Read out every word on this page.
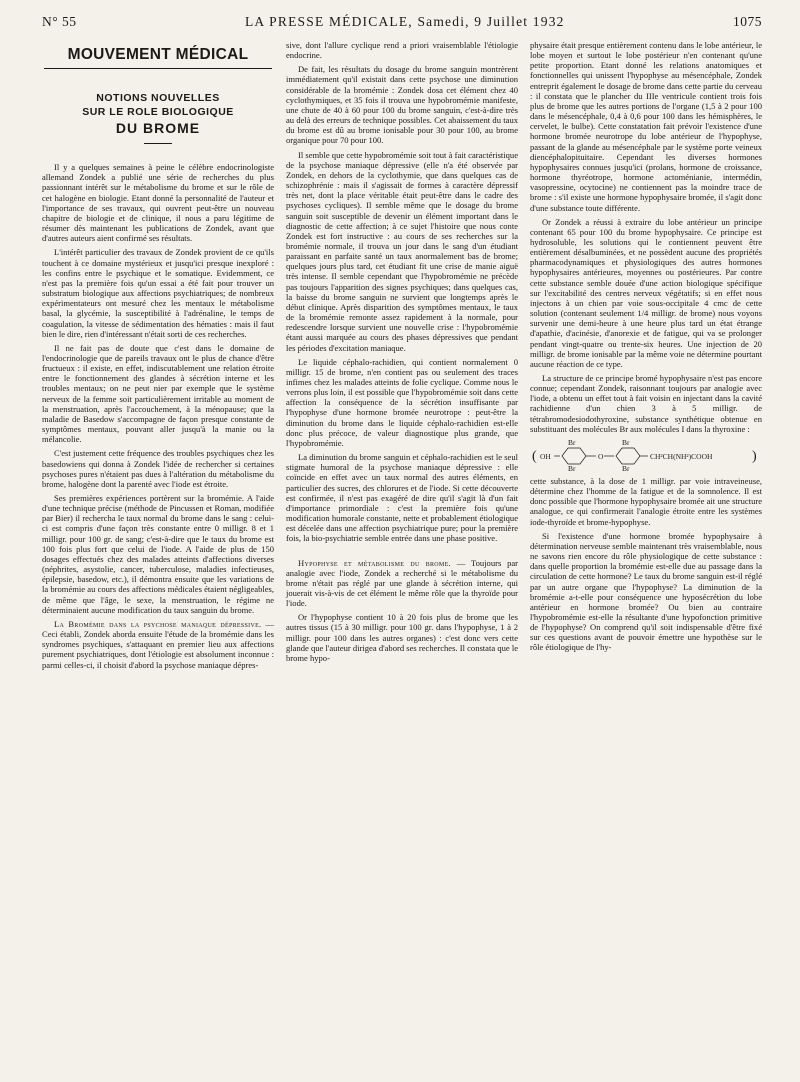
N° 55	LA PRESSE MÉDICALE, Samedi, 9 Juillet 1932	1075
MOUVEMENT MÉDICAL
NOTIONS NOUVELLES
SUR LE ROLE BIOLOGIQUE
DU BROME

Il y a quelques semaines à peine le célèbre endocrinologiste allemand Zondek a publié une série de recherches du plus passionnant intérêt sur le métabolisme du brome et sur le rôle de cet halogène en biologie. Etant donné la personnalité de l'auteur et l'importance de ses travaux, qui ouvrent peut-être un nouveau chapitre de biologie et de clinique, il nous a paru légitime de résumer dès maintenant les publications de Zondek, avant que d'autres auteurs aient confirmé ses résultats.

L'intérêt particulier des travaux de Zondek provient de ce qu'ils touchent à ce domaine mystérieux et jusqu'ici presque inexploré : les confins entre le psychique et le somatique. Evidemment, ce n'est pas la première fois qu'un essai a été fait pour trouver un substratum biologique aux affections psychiatriques; de nombreux expérimentateurs ont mesuré chez les mentaux le métabolisme basal, la glycémie, la susceptibilité à l'adrénaline, le temps de coagulation, la vitesse de sédimentation des hématies : mais il faut bien le dire, rien d'intéressant n'était sorti de ces recherches.

Il ne fait pas de doute que c'est dans le domaine de l'endocrinologie que de pareils travaux ont le plus de chance d'être fructueux : il existe, en effet, indiscutablement une relation étroite entre le fonctionnement des glandes à sécrétion interne et les troubles mentaux; on ne peut nier par exemple que le système nerveux de la femme soit particulièrement irritable au moment de la menstruation, après l'accouchement, à la ménopause; que la maladie de Basedow s'accompagne de façon presque constante de symptômes mentaux, pouvant aller jusqu'à la manie ou la mélancolie.

C'est justement cette fréquence des troubles psychiques chez les basedowiens qui donna à Zondek l'idée de rechercher si certaines psychoses pures n'étaient pas dues à l'altération du métabolisme du brome, halogène dont la parenté avec l'iode est étroite.

Ses premières expériences portèrent sur la bromémie. A l'aide d'une technique précise (méthode de Pincussen et Roman, modifiée par Bier) il rechercha le taux normal du brome dans le sang : celui-ci est compris d'une façon très constante entre 0 milligr. 8 et 1 milligr. pour 100 gr. de sang; c'est-à-dire que le taux du brome est 100 fois plus fort que celui de l'iode. A l'aide de plus de 150 dosages effectués chez des malades atteints d'affections diverses (néphrites, asystolie, cancer, tuberculose, maladies infectieuses, épilepsie, basedow, etc.), il démontra ensuite que les variations de la bromémie au cours des affections médicales étaient négligeables, de même que l'âge, le sexe, la menstruation, le régime ne déterminaient aucune modification du taux sanguin du brome.

La Bromémie dans la psychose maniaque dépressive. — Ceci établi, Zondek aborda ensuite l'étude de la bromémie dans les syndromes psychiques, s'attaquant en premier lieu aux affections purement psychiatriques, dont l'étiologie est absolument inconnue : parmi celles-ci, il choisit d'abord la psychose maniaque dépres-

sive, dont l'allure cyclique rend a priori vraisemblable l'étiologie endocrine.

De fait, les résultats du dosage du brome sanguin montrèrent immédiatement qu'il existait dans cette psychose une diminution considérable de la bromémie : Zondek dosa cet élément chez 40 cyclothymiques, et 35 fois il trouva une hypobromémie manifeste, une chute de 40 à 60 pour 100 du brome sanguin, c'est-à-dire très au delà des erreurs de technique possibles. Cet abaissement du taux du brome est dû au brome ionisable pour 30 pour 100, au brome organique pour 70 pour 100.

Il semble que cette hypobromémie soit tout à fait caractéristique de la psychose maniaque dépressive (elle n'a été observée par Zondek, en dehors de la cyclothymie, que dans quelques cas de schizophrénie : mais il s'agissait de formes à caractère dépressif très net, dont la place véritable était peut-être dans le cadre des psychoses cycliques). Il semble même que le dosage du brome sanguin soit susceptible de devenir un élément important dans le diagnostic de cette affection; à ce sujet l'histoire que nous conte Zondek est fort instructive : au cours de ses recherches sur la bromémie normale, il trouva un jour dans le sang d'un étudiant paraissant en parfaite santé un taux anormalement bas de brome; quelques jours plus tard, cet étudiant fit une crise de manie aiguë très intense. Il semble cependant que l'hypobromémie ne précède pas toujours l'apparition des signes psychiques; dans quelques cas, la baisse du brome sanguin ne survient que longtemps après le début clinique. Après disparition des symptômes mentaux, le taux de la bromémie remonte assez rapidement à la normale, pour redescendre lorsque survient une nouvelle crise : l'hypobromémie étant aussi marquée au cours des phases dépressives que pendant les périodes d'excitation maniaque.

Le liquide céphalo-rachidien, qui contient normalement 0 milligr. 15 de brome, n'en contient pas ou seulement des traces infimes chez les malades atteints de folie cyclique. Comme nous le verrons plus loin, il est possible que l'hypobromémie soit dans cette affection la conséquence de la sécrétion insuffisante par l'hypophyse d'une hormone bromée neurotrope : peut-être la diminution du brome dans le liquide céphalo-rachidien est-elle donc plus précoce, de valeur diagnostique plus grande, que l'hypobromémie.

La diminution du brome sanguin et céphalo-rachidien est le seul stigmate humoral de la psychose maniaque dépressive : elle coïncide en effet avec un taux normal des autres éléments, en particulier des sucres, des chlorures et de l'iode. Si cette découverte est confirmée, il n'est pas exagéré de dire qu'il s'agit là d'un fait d'importance primordiale : c'est la première fois qu'une modification humorale constante, nette et probablement étiologique est décelée dans une affection psychiatrique pure; pour la première fois, la bio-psychiatrie semble entrée dans une phase positive.

Hypophyse et métabolisme du brome. — Toujours par analogie avec l'iode, Zondek a recherché si le métabolisme du brome n'était pas réglé par une glande à sécrétion interne, qui jouerait vis-à-vis de cet élément le même rôle que la thyroïde pour l'iode.

Or l'hypophyse contient 10 à 20 fois plus de brome que les autres tissus (15 à 30 milligr. pour 100 gr. dans l'hypophyse, 1 à 2 milligr. pour 100 dans les autres organes) : c'est donc vers cette glande que l'auteur dirigea d'abord ses recherches. Il constata que le brome hypo-

physaire était presque entièrement contenu dans le lobe antérieur, le lobe moyen et surtout le lobe postérieur n'en contenant qu'une petite proportion. Etant donné les relations anatomiques et fonctionnelles qui unissent l'hypophyse au mésencéphale, Zondek entreprit également le dosage de brome dans cette partie du cerveau : il constata que le plancher du IIIe ventricule contient trois fois plus de brome que les autres portions de l'organe (1,5 à 2 pour 100 dans le mésencéphale, 0,4 à 0,6 pour 100 dans les hémisphères, le cervelet, le bulbe). Cette constatation fait prévoir l'existence d'une hormone bromée neurotrope du lobe antérieur de l'hypophyse, passant de la glande au mésencéphale par le système porte veineux diencéphalopituitaire. Cependant les diverses hormones hypophysaires connues jusqu'ici (prolans, hormone de croissance, hormone thyréotrope, hormone actoménianie, intermédin, vasopressine, ocytocine) ne contiennent pas la moindre trace de brome : s'il existe une hormone hypophysaire bromée, il s'agit donc d'une substance toute différente.

Or Zondek a réussi à extraire du lobe antérieur un principe contenant 65 pour 100 du brome hypophysaire. Ce principe est hydrosoluble, les solutions qui le contiennent peuvent être entièrement désalbuminées, et ne possèdent aucune des propriétés pharmacodynamiques et physiologiques des autres hormones hypophysaires antérieures, moyennes ou postérieures. Par contre cette substance semble douée d'une action biologique spécifique sur l'excitabilité des centres nerveux végétatifs; si en effet nous injectons à un chien par voie sous-occipitale 4 cmc de cette solution (contenant seulement 1/4 milligr. de brome) nous voyons survenir une demi-heure à une heure plus tard un état étrange d'apathie, d'acinésie, d'anorexie et de fatigue, qui va se prolonger pendant vingt-quatre ou trente-six heures. Une injection de 20 milligr. de brome ionisable par la même voie ne détermine pourtant aucune réaction de ce type.

La structure de ce principe bromé hypophysaire n'est pas encore connue; cependant Zondek, raisonnant toujours par analogie avec l'iode, a obtenu un effet tout à fait voisin en injectant dans la cavité rachidienne d'un chien 3 à 5 milligr. de tétrabromodesiodothyroxine, substance synthétique obtenue en substituant des molécules Br aux molécules I dans la thyroxine :

( OH
Br
Br
O
Br
Br
CH²CH(NH²)COOH	)

cette substance, à la dose de 1 milligr. par voie intraveineuse, détermine chez l'homme de la fatigue et de la somnolence. Il est donc possible que l'hormone hypophysaire bromée ait une structure analogue, ce qui confirmerait l'analogie étroite entre les systèmes iode-thyroïde et brome-hypophyse.

Si l'existence d'une hormone bromée hypophysaire à détermination nerveuse semble maintenant très vraisemblable, nous ne savons rien encore du rôle physiologique de cette substance : dans quelle proportion la bromémie est-elle due au passage dans la circulation de cette hormone? Le taux du brome sanguin est-il réglé par un autre organe que l'hypophyse? La diminution de la bromémie a-t-elle pour conséquence une hyposécrétion du lobe antérieur en hormone bromée? Ou bien au contraire l'hypobromémie est-elle la résultante d'une hypofonction primitive de l'hypophyse? On comprend qu'il soit indispensable d'être fixé sur ces questions avant de pouvoir émettre une hypothèse sur le rôle étiologique de l'hy-
